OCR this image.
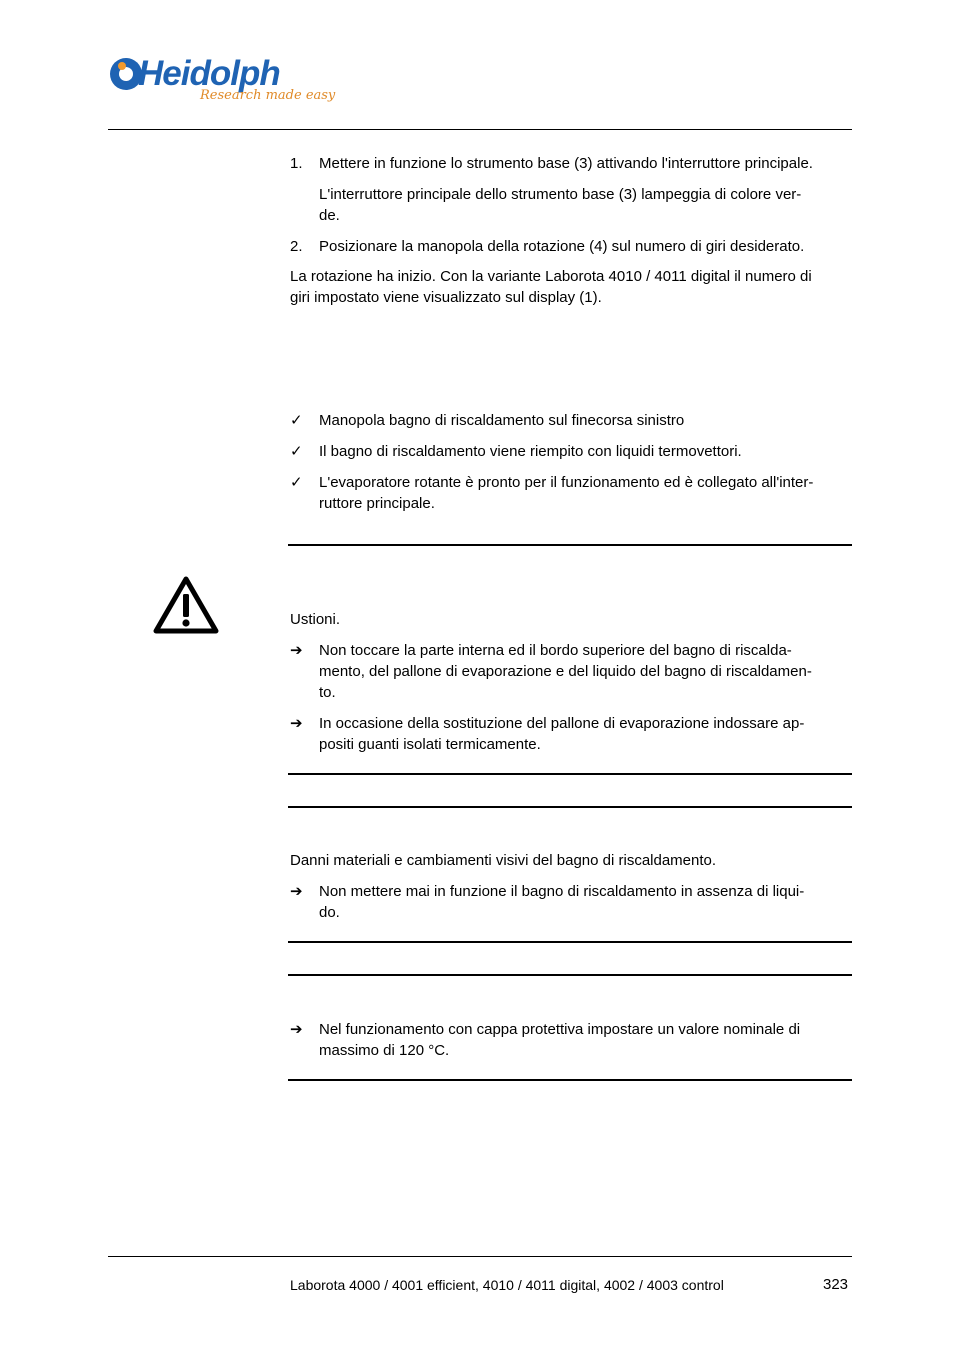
Heidolph
Research made easy
1.	Mettere in funzione lo strumento base (3) attivando l'interruttore principale.
L'interruttore principale dello strumento base (3) lampeggia di colore ver-
de.
2.	Posizionare la manopola della rotazione (4) sul numero di giri desiderato.
La rotazione ha inizio. Con la variante Laborota 4010 / 4011 digital il numero di
giri impostato viene visualizzato sul display (1).
✓	Manopola bagno di riscaldamento sul finecorsa sinistro
✓	Il bagno di riscaldamento viene riempito con liquidi termovettori.
✓	L'evaporatore rotante è pronto per il funzionamento ed è collegato all'inter-
ruttore principale.
Ustioni.
➔	Non toccare la parte interna ed il bordo superiore del bagno di riscalda-
mento, del pallone di evaporazione e del liquido del bagno di riscaldamen-
to.
➔	In occasione della sostituzione del pallone di evaporazione indossare ap-
positi guanti isolati termicamente.
Danni materiali e cambiamenti visivi del bagno di riscaldamento.
➔	Non mettere mai in funzione il bagno di riscaldamento in assenza di liqui-
do.
➔	Nel funzionamento con cappa protettiva impostare un valore nominale di
massimo di 120 °C.
Laborota 4000 / 4001 efficient, 4010 / 4011 digital, 4002 / 4003 control	323
